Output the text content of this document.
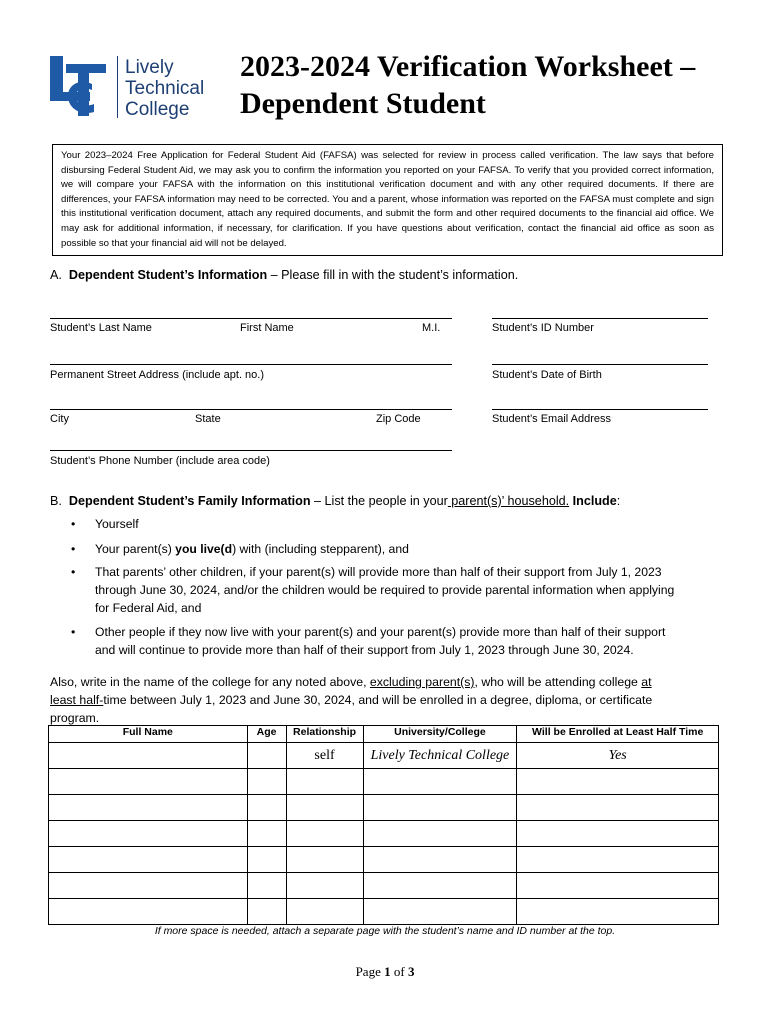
Lively
Technical
College
2023-2024 Verification Worksheet –
Dependent Student
Your 2023–2024 Free Application for Federal Student Aid (FAFSA) was selected for review in process called verification. The law says that before disbursing Federal Student Aid, we may ask you to confirm the information you reported on your FAFSA. To verify that you provided correct information, we will compare your FAFSA with the information on this institutional verification document and with any other required documents. If there are differences, your FAFSA information may need to be corrected. You and a parent, whose information was reported on the FAFSA must complete and sign this institutional verification document, attach any required documents, and submit the form and other required documents to the financial aid office. We may ask for additional information, if necessary, for clarification. If you have questions about verification, contact the financial aid office as soon as possible so that your financial aid will not be delayed.
A. Dependent Student’s Information – Please fill in with the student’s information.
Student’s Last Name	First Name	M.I.	Student’s ID Number
Permanent Street Address (include apt. no.)	Student’s Date of Birth
City	State	Zip Code	Student’s Email Address
Student’s Phone Number (include area code)
B. Dependent Student’s Family Information – List the people in your parent(s)’ household. Include:
• Yourself
• Your parent(s) you live(d) with (including stepparent), and
• That parents’ other children, if your parent(s) will provide more than half of their support from July 1, 2023
through June 30, 2024, and/or the children would be required to provide parental information when applying
for Federal Aid, and
• Other people if they now live with your parent(s) and your parent(s) provide more than half of their support
and will continue to provide more than half of their support from July 1, 2023 through June 30, 2024.
Also, write in the name of the college for any noted above, excluding parent(s), who will be attending college at
least half-time between July 1, 2023 and June 30, 2024, and will be enrolled in a degree, diploma, or certificate
program.
Full Name	Age	Relationship	University/College	Will be Enrolled at Least Half Time
		self	Lively Technical College	Yes

If more space is needed, attach a separate page with the student’s name and ID number at the top.
Page 1 of 3
